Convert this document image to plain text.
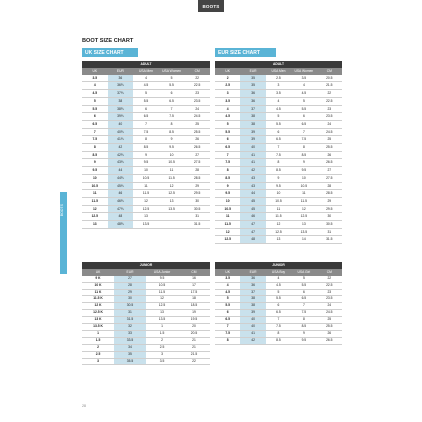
BOOTS
BOOTS
BOOT SIZE CHART
UK SIZE CHART	EUR SIZE CHART
ADULT				
UK	EUR	USA Men	USA Women	CM
3.5	36	4	5	22
4	36⅔	4.5	5.5	22.5
4.5	37⅓	5	6	23
5	38	5.5	6.5	23.5
5.5	38⅔	6	7	24
6	39⅓	6.5	7.5	24.5
6.5	40	7	8	25
7	40⅔	7.5	8.5	25.5
7.5	41⅓	8	9	26
8	42	8.5	9.5	26.5
8.5	42⅔	9	10	27
9	43⅓	9.5	10.5	27.5
9.5	44	10	11	28
10	44⅔	10.5	11.5	28.5
10.5	45⅓	11	12	29
11	46	11.5	12.5	29.5
11.5	46⅔	12	13	30
12	47⅓	12.5	13.5	30.5
12.5	48	13		31
13	48⅔	13.5		31.5
ADULT				
UK	EUR	USA Men	USA Women	CM
2	35	2.5	3.5	20.5
2.5	35	3	4	21.5
3	36	3.5	4.5	22
3.5	36	4	5	22.5
4	37	4.5	5.5	23
4.5	38	5	6	23.5
5	38	5.5	6.5	24
5.5	39	6	7	24.5
6	39	6.5	7.5	25
6.5	40	7	8	25.5
7	41	7.5	8.5	26
7.5	41	8	9	26.5
8	42	8.5	9.5	27
8.5	43	9	10	27.5
9	43	9.5	10.5	28
9.5	44	10	11	28.5
10	45	10.5	11.5	29
10.5	45	11	12	29.5
11	46	11.5	12.5	30
11.5	47	12	13	30.5
12	47	12.5	13.5	31
12.5	48	13	14	31.5
JUNIOR			
UK	EUR	USA Junior	CM
9 K	27	9.5	16
10 K	28	10.5	17
11 K	29	11.5	17.5
11.5 K	30	12	18
12 K	30.5	12.5	18.5
12.5 K	31	13	19
13 K	31.5	13.5	19.5
13.5 K	32	1	20
1	33	1.5	20.5
1.5	33.5	2	21
2	34	2.5	21
2.5	35	3	21.5
3	35.5	3.5	22
JUNIOR				
UK	EUR	USA Boy	USA Girl	CM
3.5	36	4	5	22
4	36	4.5	5.5	22.5
4.5	37	5	6	23
5	38	5.5	6.5	23.5
5.5	38	6	7	24
6	39	6.5	7.5	24.5
6.5	40	7	8	25
7	40	7.5	8.5	25.5
7.5	41	8	9	26
8	42	8.5	9.5	26.5
28
